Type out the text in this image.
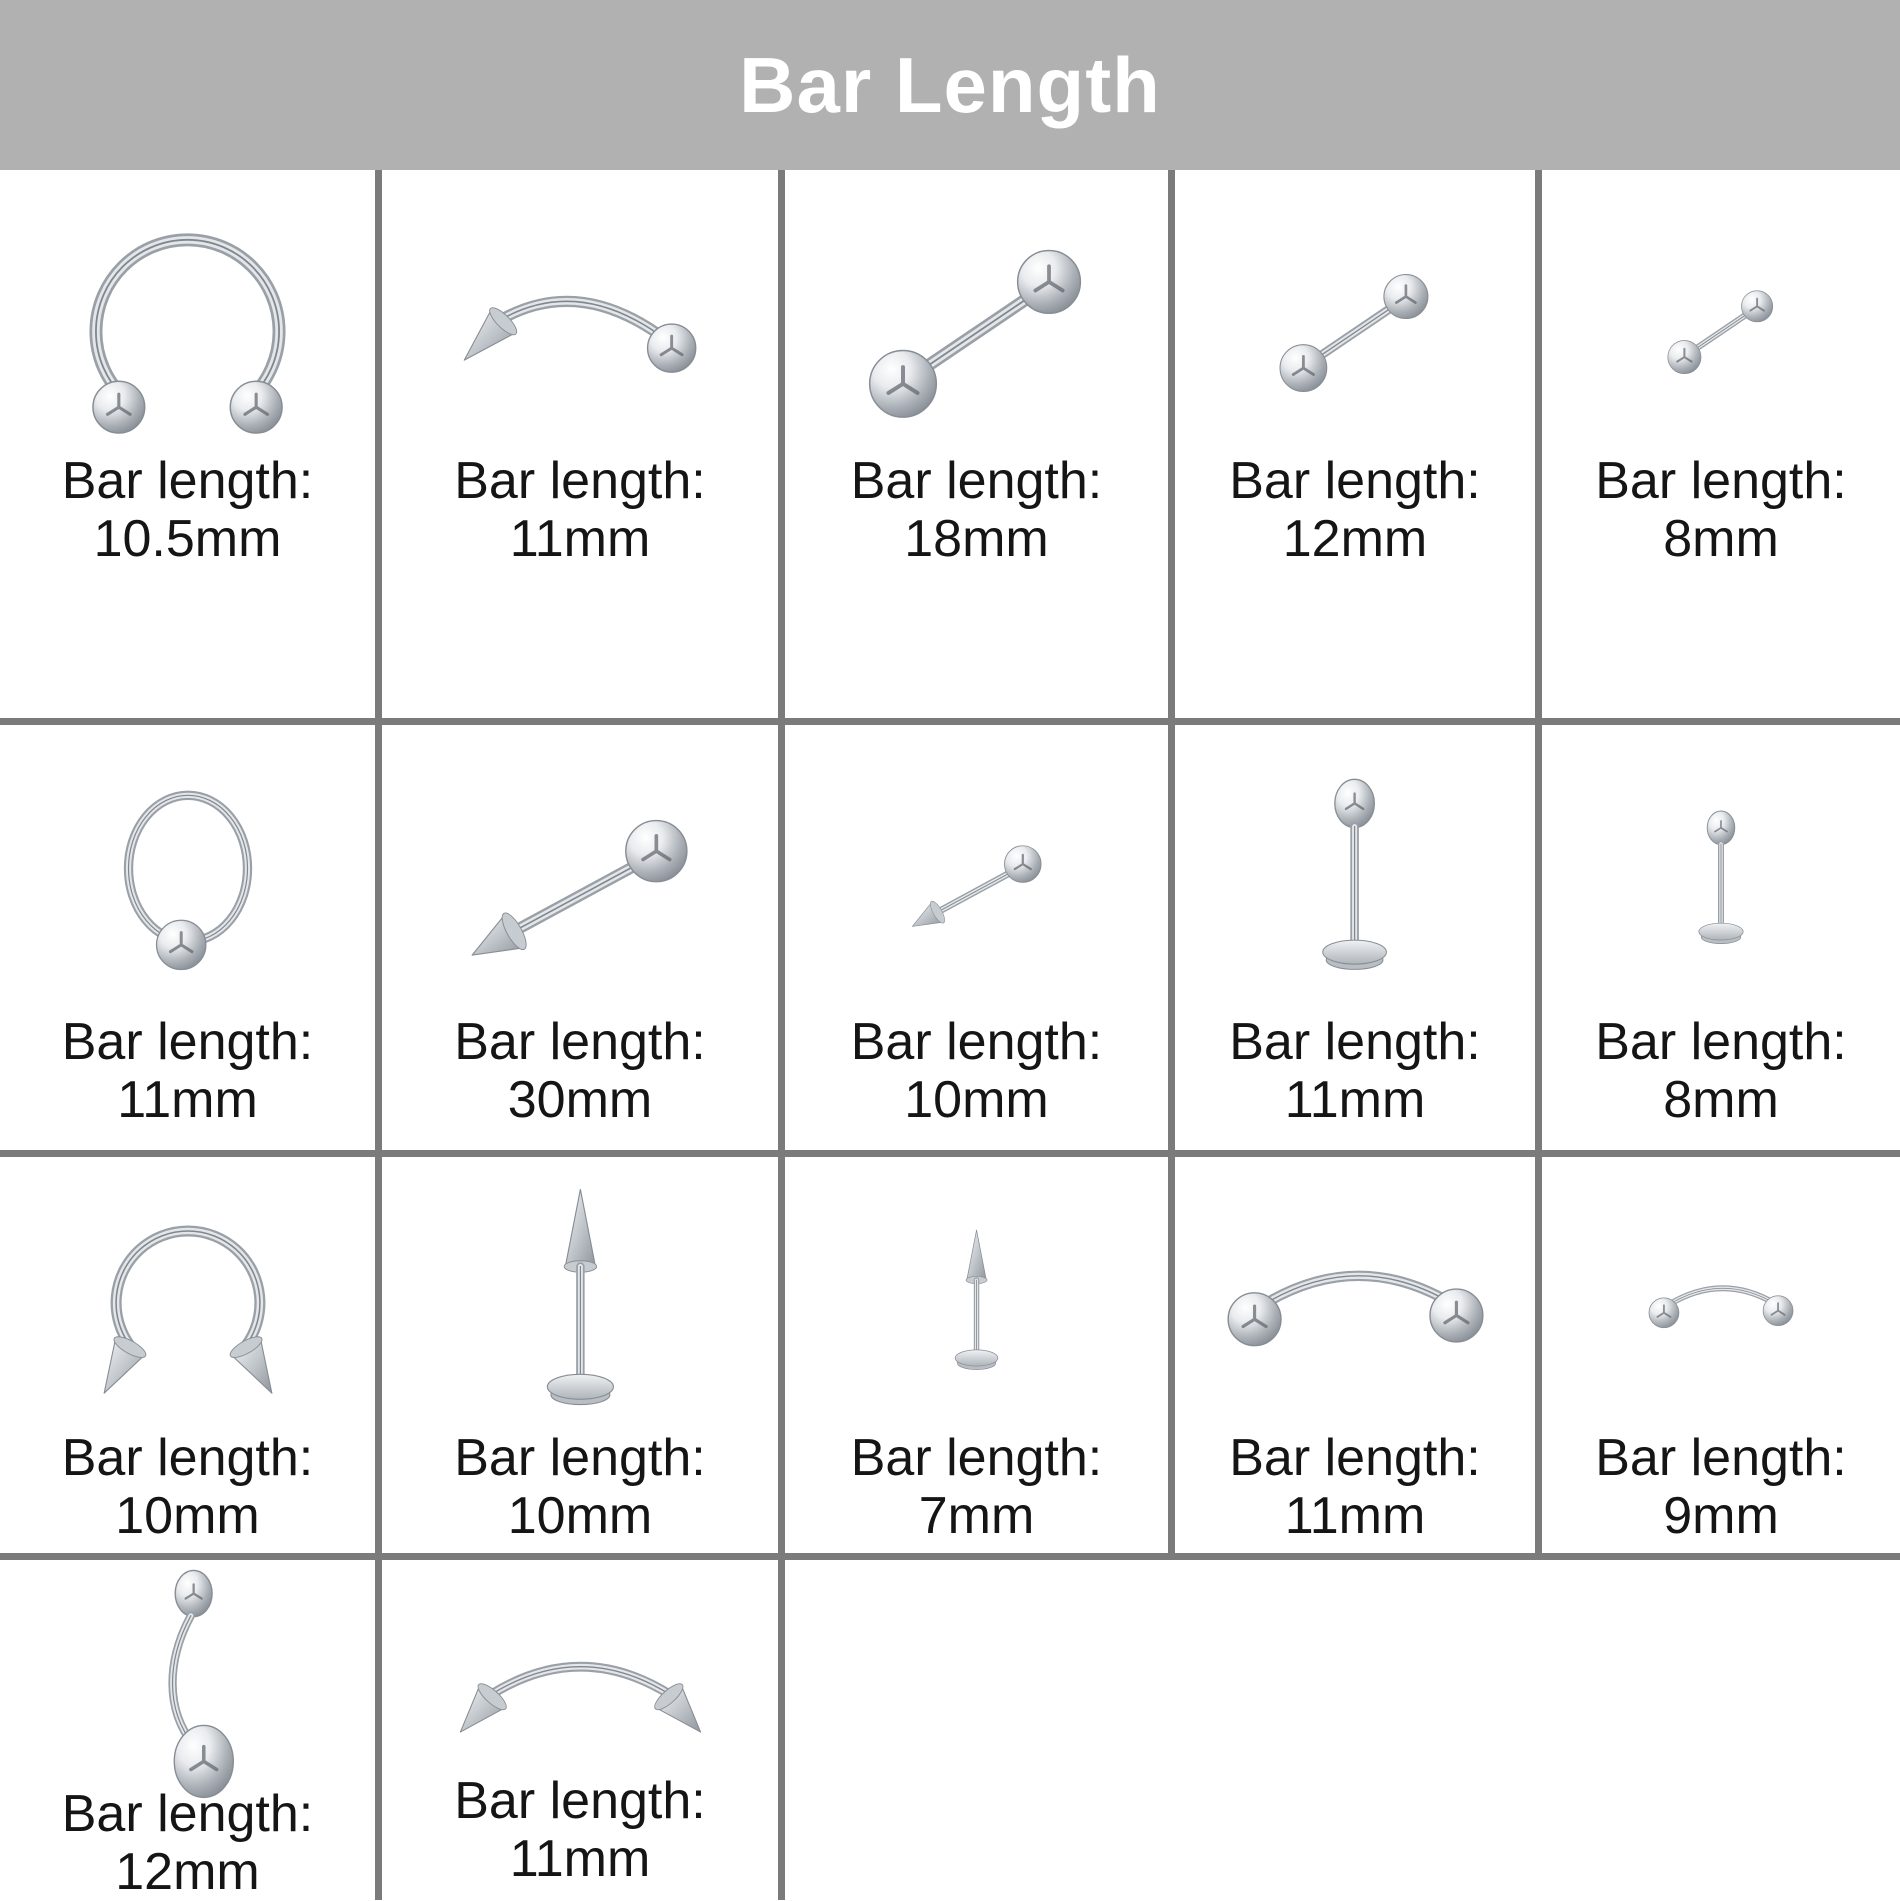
Bar Length
Bar length:
10.5mm
Bar length:
11mm
Bar length:
18mm
Bar length:
12mm
Bar length:
8mm
Bar length:
11mm
Bar length:
30mm
Bar length:
10mm
Bar length:
11mm
Bar length:
8mm
Bar length:
10mm
Bar length:
10mm
Bar length:
7mm
Bar length:
11mm
Bar length:
9mm
Bar length:
12mm
Bar length:
11mm
